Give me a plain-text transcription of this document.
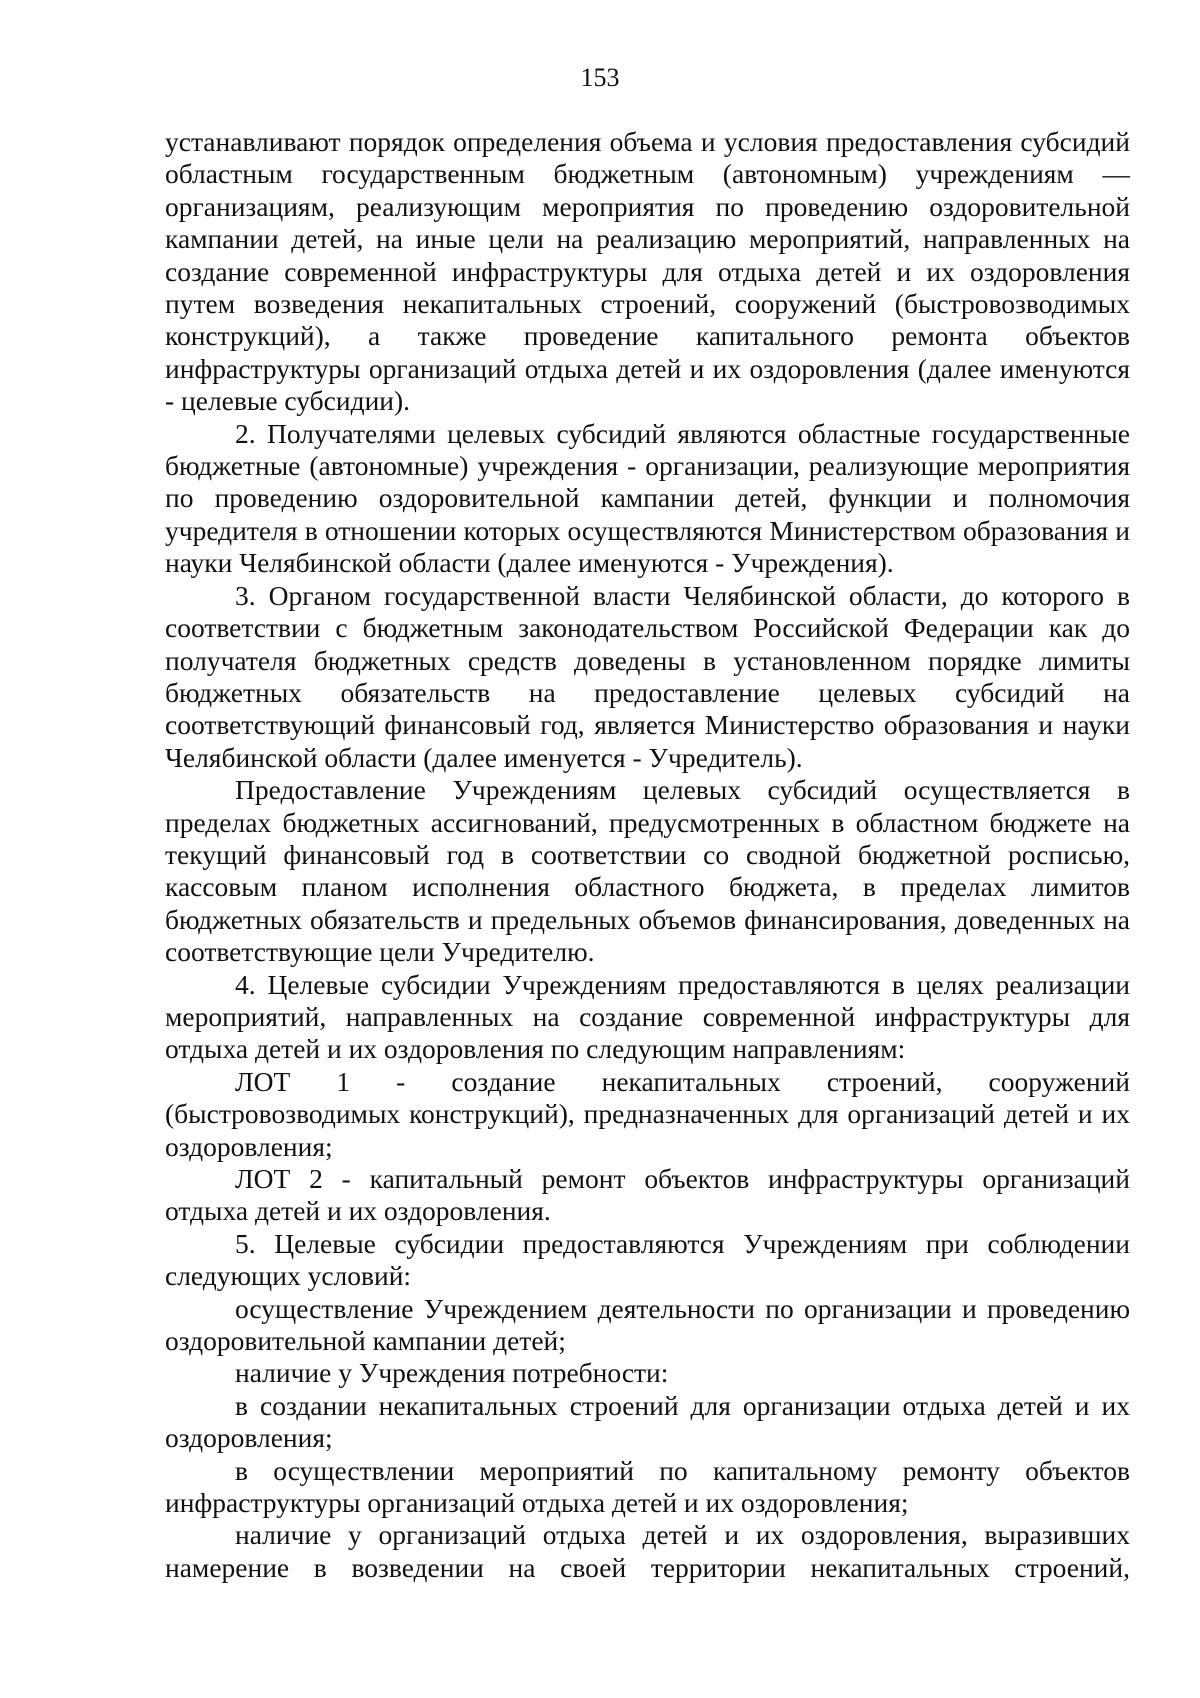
153

устанавливают порядок определения объема и условия предоставления субсидий областным государственным бюджетным (автономным) учреждениям — организациям, реализующим мероприятия по проведению оздоровительной кампании детей, на иные цели на реализацию мероприятий, направленных на создание современной инфраструктуры для отдыха детей и их оздоровления путем возведения некапитальных строений, сооружений (быстровозводимых конструкций), а также проведение капитального ремонта объектов инфраструктуры организаций отдыха детей и их оздоровления (далее именуются - целевые субсидии).

2. Получателями целевых субсидий являются областные государственные бюджетные (автономные) учреждения - организации, реализующие мероприятия по проведению оздоровительной кампании детей, функции и полномочия учредителя в отношении которых осуществляются Министерством образования и науки Челябинской области (далее именуются - Учреждения).

3. Органом государственной власти Челябинской области, до которого в соответствии с бюджетным законодательством Российской Федерации как до получателя бюджетных средств доведены в установленном порядке лимиты бюджетных обязательств на предоставление целевых субсидий на соответствующий финансовый год, является Министерство образования и науки Челябинской области (далее именуется - Учредитель).

Предоставление Учреждениям целевых субсидий осуществляется в пределах бюджетных ассигнований, предусмотренных в областном бюджете на текущий финансовый год в соответствии со сводной бюджетной росписью, кассовым планом исполнения областного бюджета, в пределах лимитов бюджетных обязательств и предельных объемов финансирования, доведенных на соответствующие цели Учредителю.

4. Целевые субсидии Учреждениям предоставляются в целях реализации мероприятий, направленных на создание современной инфраструктуры для отдыха детей и их оздоровления по следующим направлениям:

ЛОТ 1 - создание некапитальных строений, сооружений (быстровозводимых конструкций), предназначенных для организаций детей и их оздоровления;

ЛОТ 2 - капитальный ремонт объектов инфраструктуры организаций отдыха детей и их оздоровления.

5. Целевые субсидии предоставляются Учреждениям при соблюдении следующих условий:

осуществление Учреждением деятельности по организации и проведению оздоровительной кампании детей;

наличие у Учреждения потребности:

в создании некапитальных строений для организации отдыха детей и их оздоровления;

в осуществлении мероприятий по капитальному ремонту объектов инфраструктуры организаций отдыха детей и их оздоровления;

наличие у организаций отдыха детей и их оздоровления, выразивших намерение в возведении на своей территории некапитальных строений,
